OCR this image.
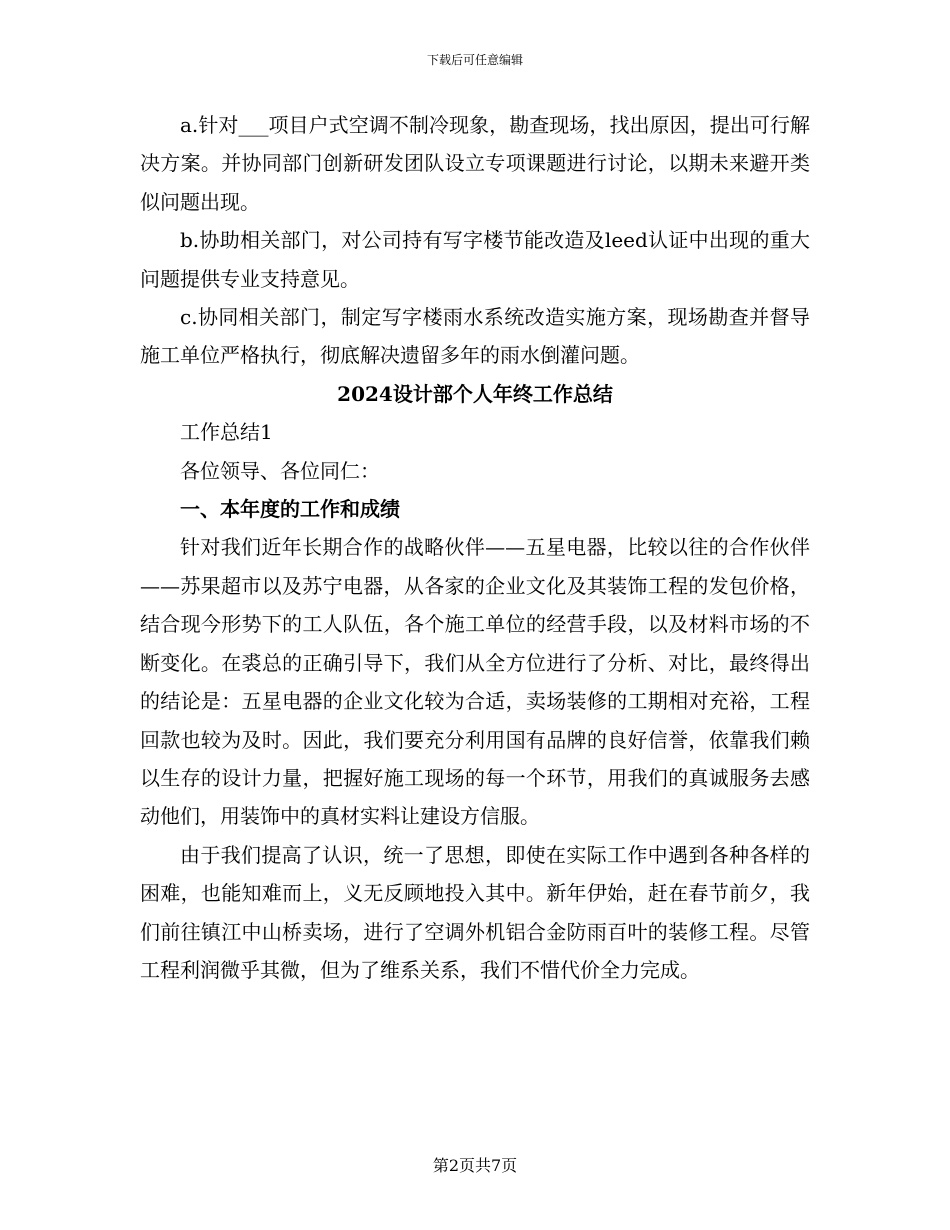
下载后可任意编辑

a.针对___项目户式空调不制冷现象，勘查现场，找出原因，提出可行解决方案。并协同部门创新研发团队设立专项课题进行讨论，以期未来避开类似问题出现。

b.协助相关部门，对公司持有写字楼节能改造及leed认证中出现的重大问题提供专业支持意见。

c.协同相关部门，制定写字楼雨水系统改造实施方案，现场勘查并督导施工单位严格执行，彻底解决遗留多年的雨水倒灌问题。

2024设计部个人年终工作总结

工作总结1

各位领导、各位同仁：

一、本年度的工作和成绩

针对我们近年长期合作的战略伙伴——五星电器，比较以往的合作伙伴——苏果超市以及苏宁电器，从各家的企业文化及其装饰工程的发包价格，结合现今形势下的工人队伍，各个施工单位的经营手段，以及材料市场的不断变化。在裘总的正确引导下，我们从全方位进行了分析、对比，最终得出的结论是：五星电器的企业文化较为合适，卖场装修的工期相对充裕，工程回款也较为及时。因此，我们要充分利用国有品牌的良好信誉，依靠我们赖以生存的设计力量，把握好施工现场的每一个环节，用我们的真诚服务去感动他们，用装饰中的真材实料让建设方信服。

由于我们提高了认识，统一了思想，即使在实际工作中遇到各种各样的困难，也能知难而上，义无反顾地投入其中。新年伊始，赶在春节前夕，我们前往镇江中山桥卖场，进行了空调外机铝合金防雨百叶的装修工程。尽管工程利润微乎其微，但为了维系关系，我们不惜代价全力完成。

第2页共7页
